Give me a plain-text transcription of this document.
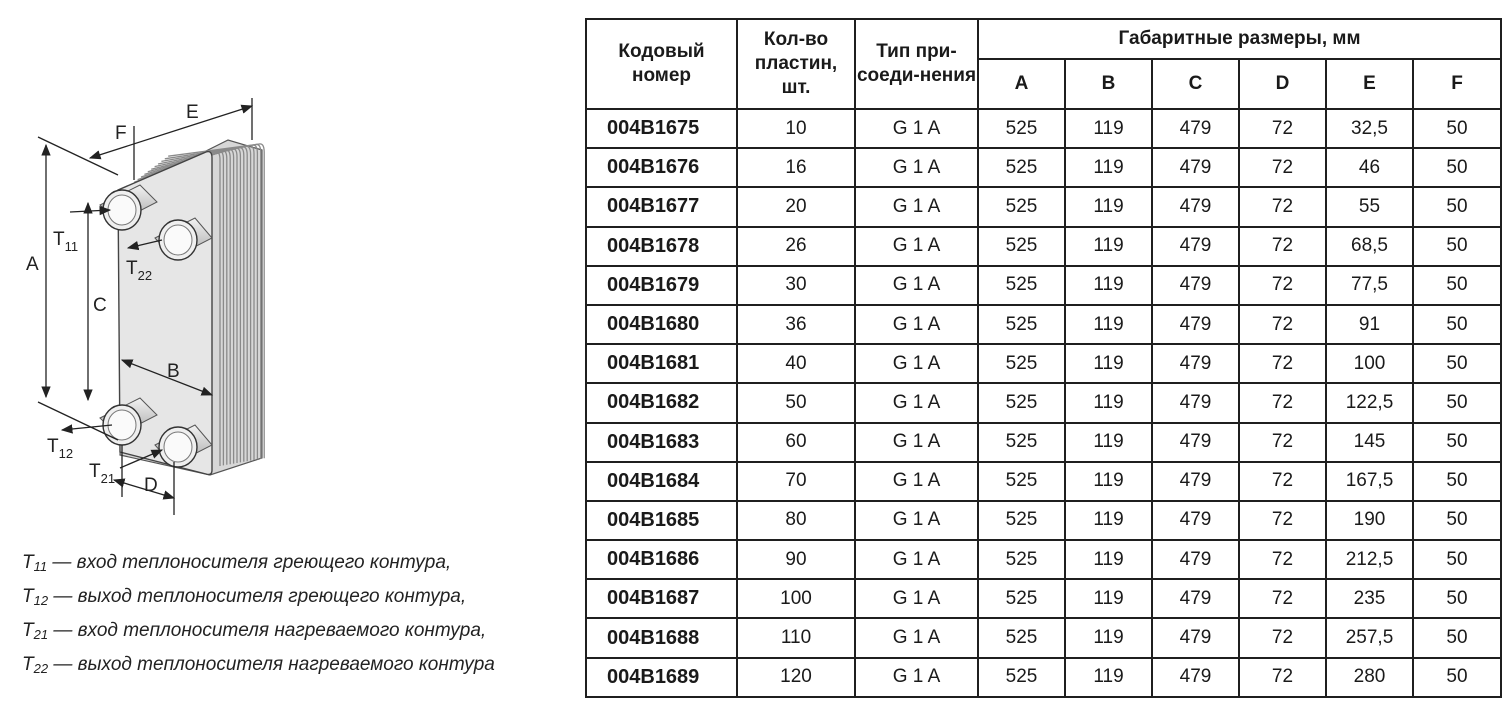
A
C
F
E
B
D
$T_{11}$
$T_{22}$
$T_{12}$
$T_{21}$
$T_{11}$ — вход теплоносителя греющего контура,
$T_{12}$ — выход теплоносителя греющего контура,
$T_{21}$ — вход теплоносителя нагреваемого контура,
$T_{22}$ — выход теплоносителя нагреваемого контура
Кодовый номер	Кол-во пластин, шт.	Тип при-соеди-нения	Габаритные размеры, мм					
			A	B	C	D	E	F
004B1675	10	G 1 A	525	119	479	72	32,5	50
004B1676	16	G 1 A	525	119	479	72	46	50
004B1677	20	G 1 A	525	119	479	72	55	50
004B1678	26	G 1 A	525	119	479	72	68,5	50
004B1679	30	G 1 A	525	119	479	72	77,5	50
004B1680	36	G 1 A	525	119	479	72	91	50
004B1681	40	G 1 A	525	119	479	72	100	50
004B1682	50	G 1 A	525	119	479	72	122,5	50
004B1683	60	G 1 A	525	119	479	72	145	50
004B1684	70	G 1 A	525	119	479	72	167,5	50
004B1685	80	G 1 A	525	119	479	72	190	50
004B1686	90	G 1 A	525	119	479	72	212,5	50
004B1687	100	G 1 A	525	119	479	72	235	50
004B1688	110	G 1 A	525	119	479	72	257,5	50
004B1689	120	G 1 A	525	119	479	72	280	50
